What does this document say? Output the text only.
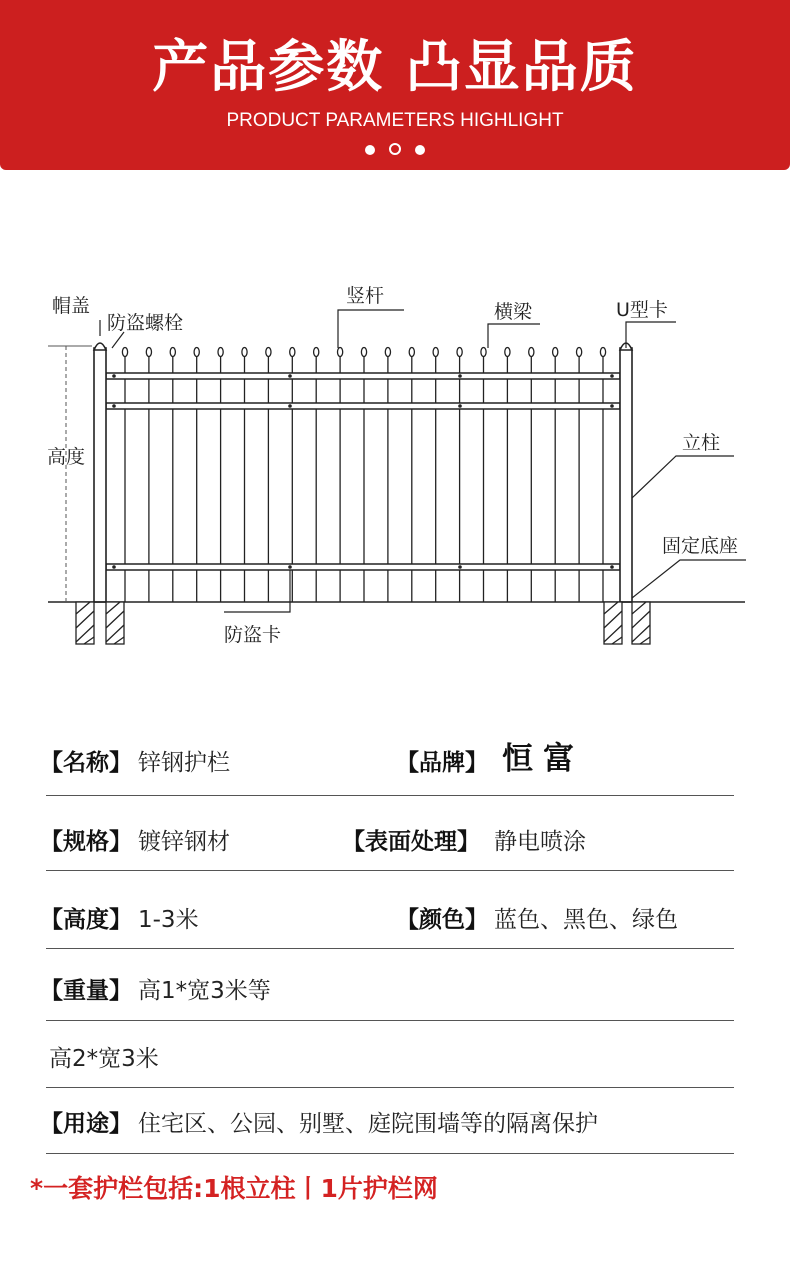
产品参数 凸显品质
PRODUCT PARAMETERS HIGHLIGHT
帽盖
防盗螺栓
竖杆
横梁	U型卡
立柱
高度
固定底座
防盗卡
【名称】 锌钢护栏	【品牌】 恒富
【规格】 镀锌钢材	【表面处理】 静电喷涂
【高度】 1-3米	【颜色】 蓝色、黑色、绿色
【重量】 高1*宽3米等
高2*宽3米
【用途】 住宅区、公园、别墅、庭院围墙等的隔离保护
*一套护栏包括:1根立柱丨1片护栏网
